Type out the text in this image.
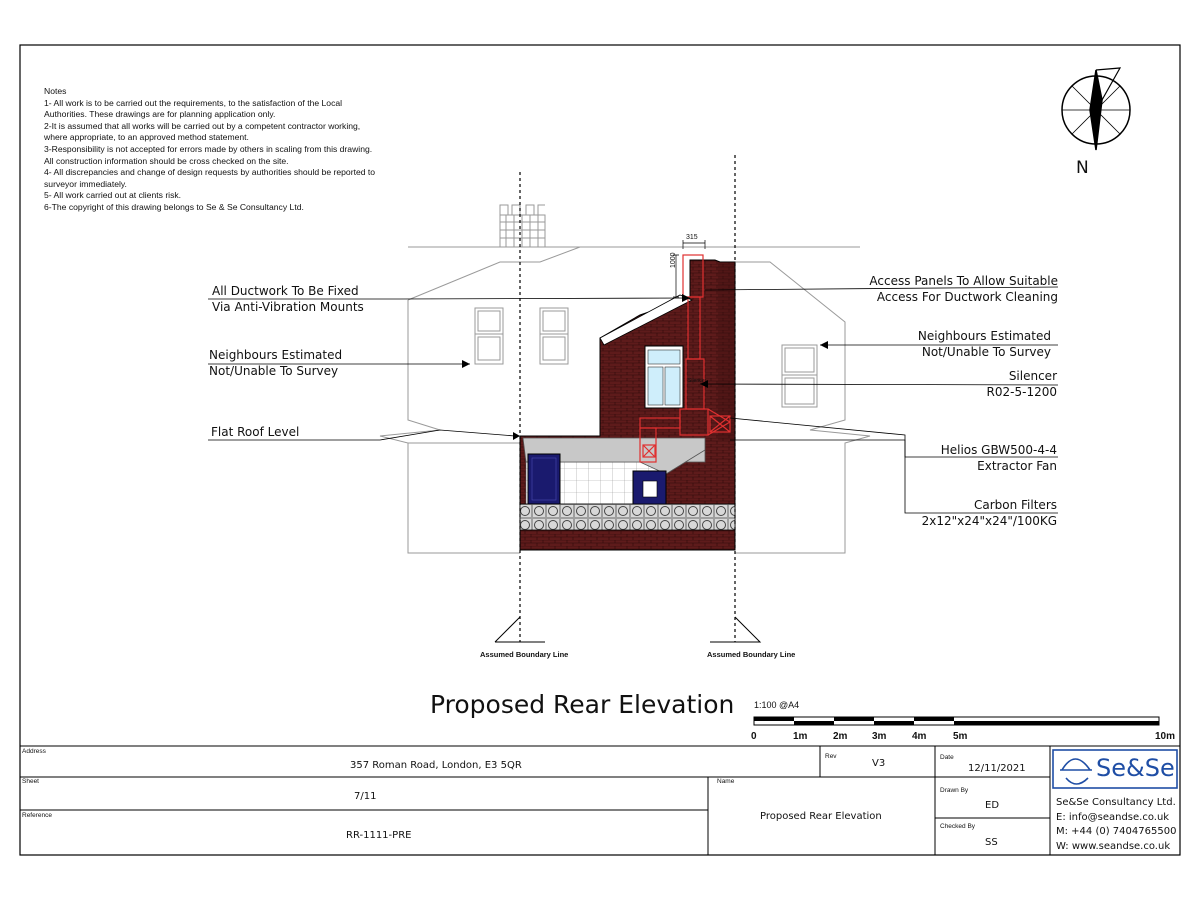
Notes
1- All work is to be carried out the requirements, to the satisfaction of the Local
Authorities. These drawings are for planning application only.
2-It is assumed that all works will be carried out by a competent contractor working,
where appropriate, to an approved method statement.
3-Responsibility is not accepted for errors made by others in scaling from this drawing.
All construction information should be cross checked on the site.
4- All discrepancies and change of design requests by authorities should be reported to
surveyor immediately.
5- All work carried out at clients risk.
6-The copyright of this drawing belongs to Se & Se Consultancy Ltd.
N
All Ductwork To Be Fixed
Via Anti-Vibration Mounts
Neighbours Estimated
Not/Unable To Survey
Flat Roof Level
Access Panels To Allow Suitable
Access For Ductwork Cleaning
Neighbours Estimated
Not/Unable To Survey
Silencer
R02-5-1200
Helios GBW500-4-4
Extractor Fan
Carbon Filters
2x12"x24"x24"/100KG
315
1000
Silencer
Assumed Boundary Line	Assumed Boundary Line
Proposed Rear Elevation 1:100 @A4
0	1m	2m 3m	4m	5m	10m
Address
357 Roman Road, London, E3 5QR
Rev
V3
Date
12/11/2021
Sheet
7/11
Name
Proposed Rear Elevation
Drawn By
ED
Reference
RR-1111-PRE
Checked By
SS
Se&Se
Se&Se Consultancy Ltd.
E: info@seandse.co.uk
M: +44 (0) 7404765500
W: www.seandse.co.uk
